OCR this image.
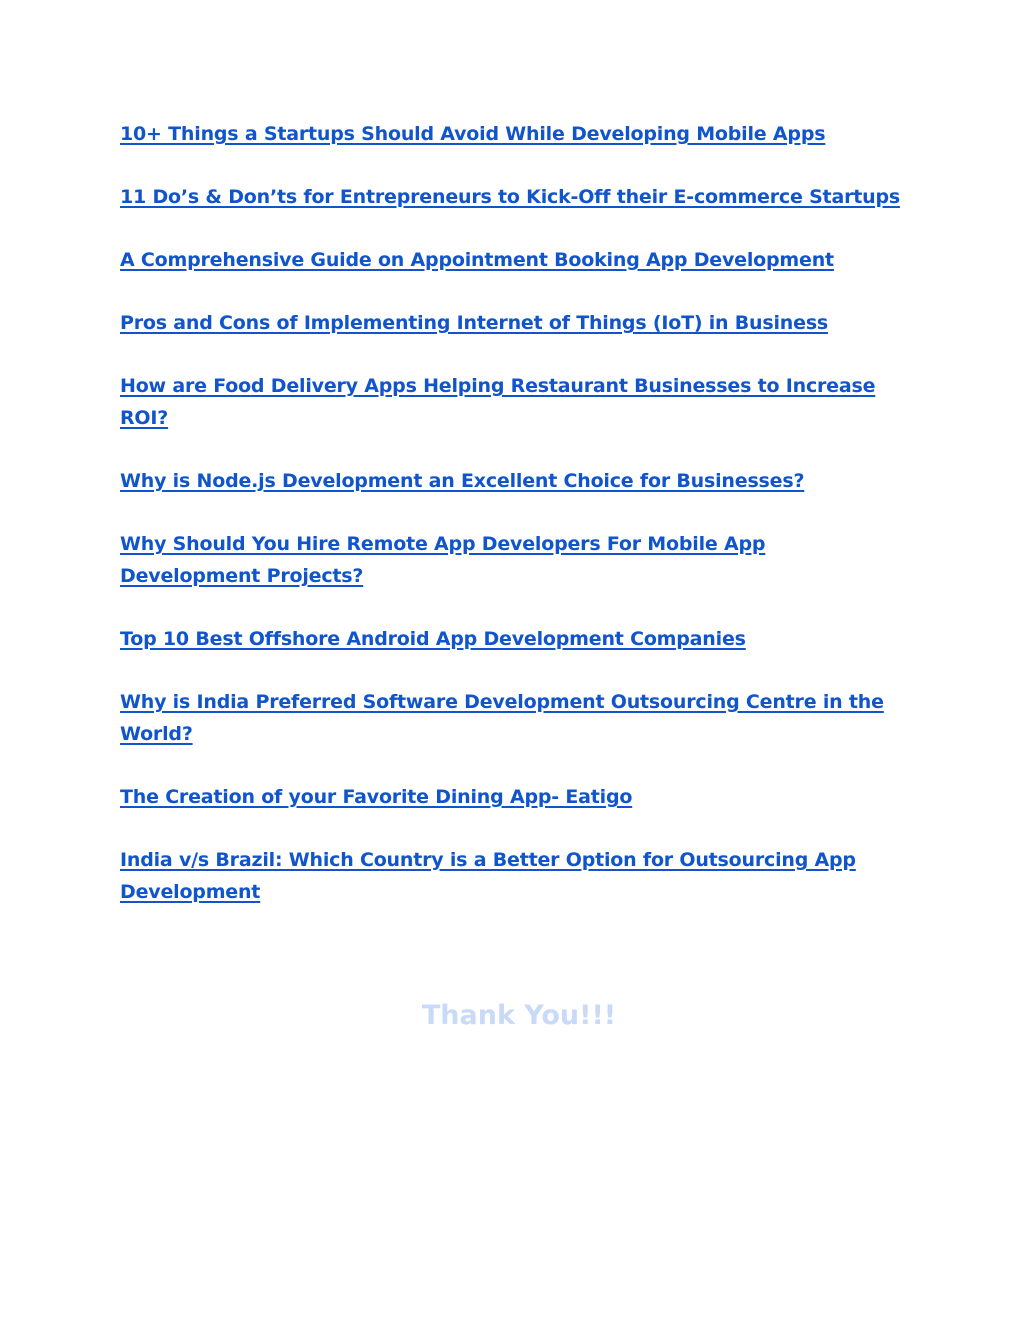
10+ Things a Startups Should Avoid While Developing Mobile Apps
11 Do’s & Don’ts for Entrepreneurs to Kick-Off their E-commerce Startups
A Comprehensive Guide on Appointment Booking App Development
Pros and Cons of Implementing Internet of Things (IoT) in Business
How are Food Delivery Apps Helping Restaurant Businesses to Increase ROI?
Why is Node.js Development an Excellent Choice for Businesses?
Why Should You Hire Remote App Developers For Mobile App Development Projects?
Top 10 Best Offshore Android App Development Companies
Why is India Preferred Software Development Outsourcing Centre in the World?
The Creation of your Favorite Dining App- Eatigo
India v/s Brazil: Which Country is a Better Option for Outsourcing App Development
Thank You!!!
